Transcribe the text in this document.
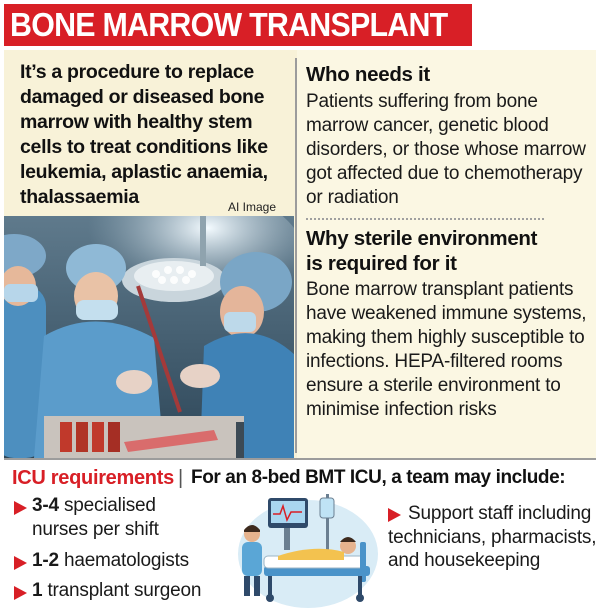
BONE MARROW TRANSPLANT
It’s a procedure to replace damaged or diseased bone marrow with healthy stem cells to treat conditions like leukemia, aplastic anaemia, thalassaemia	AI Image
Who needs it
Patients suffering from bone marrow cancer, genetic blood disorders, or those whose marrow got affected due to chemotherapy or radiation
Why sterile environment
is required for it
Bone marrow transplant patients have weakened immune systems, making them highly susceptible to infections. HEPA-filtered rooms ensure a sterile environment to minimise infection risks
ICU requirements | For an 8-bed BMT ICU, a team may include:
3-4 specialised
nurses per shift
1-2 haematologists
1 transplant surgeon
Support staff including technicians, pharmacists, and housekeeping
